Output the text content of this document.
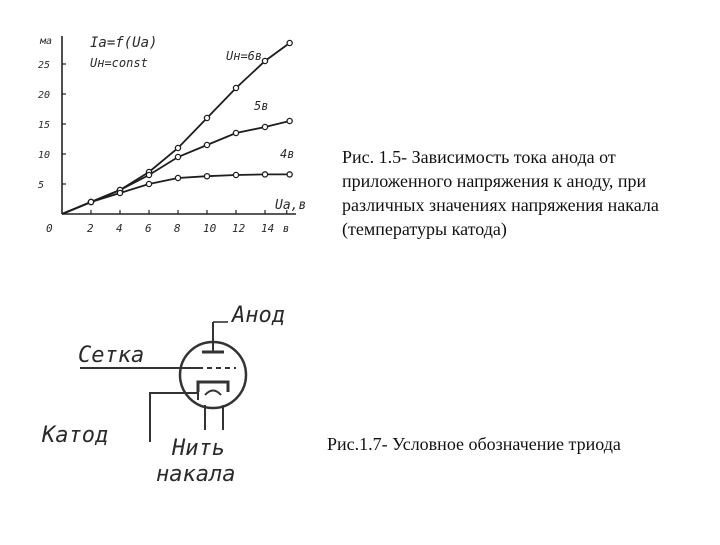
0	2 4 6 8 10 12 14 в
5
10
15
20
25
Uн=6в
5в
4в
ма	Ia=f(Ua)
Uн=const
Ua,в
Анод
Сетка
Катод
Нить
накала
Рис. 1.5- Зависимость тока анода от приложенного напряжения к аноду, при различных значениях напряжения накала (температуры катода)
Рис.1.7- Условное обозначение триода
